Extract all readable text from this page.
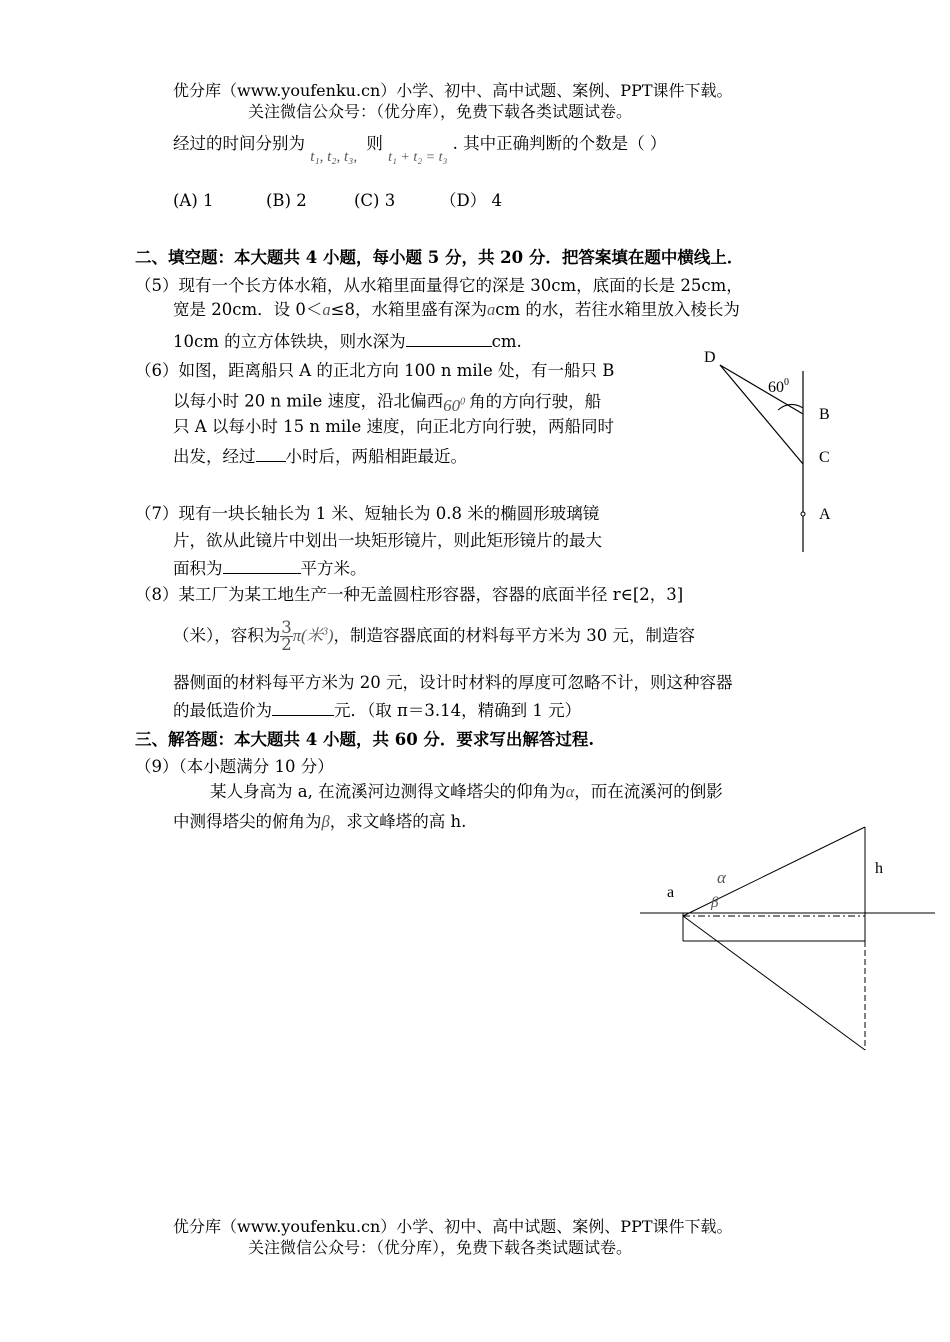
优分库（www.youfenku.cn）小学、初中、高中试题、案例、PPT课件下载。
关注微信公众号：（优分库），免费下载各类试题试卷。
经过的时间分别为 t₁, t₂, t₃, 则 $_{t_1 + t_2 = t_3}$ . 其中正确判断的个数是（ ）
(A) 1	(B) 2	(C) 3	（D） 4
二、填空题：本大题共 4 小题，每小题 5 分，共 20 分．把答案填在题中横线上．
（5）现有一个长方体水箱，从水箱里面量得它的深是 30cm，底面的长是 25cm，
宽是 20cm．设 0＜a≤8，水箱里盛有深为acm 的水，若往水箱里放入棱长为
10cm 的立方体铁块，则水深为	cm.
（6）如图，距离船只 A 的正北方向 100 n mile 处，有一船只 B
以每小时 20 n mile 速度，沿北偏西$60^0$ 角的方向行驶，船
只 A 以每小时 15 n mile 速度，向正北方向行驶，两船同时
出发，经过 小时后，两船相距最近。
D
$60^0$
B
C
A
（7）现有一块长轴长为 1 米、短轴长为 0.8 米的椭圆形玻璃镜
片，欲从此镜片中划出一块矩形镜片，则此矩形镜片的最大
面积为	平方米。
（8）某工厂为某工地生产一种无盖圆柱形容器，容器的底面半径 r∈[2，3]
（米），容积为 $\frac{3}{2} \pi$(米$^3$)，制造容器底面的材料每平方米为 30 元，制造容
器侧面的材料每平方米为 20 元，设计时材料的厚度可忽略不计，则这种容器
的最低造价为	元．（取 π＝3.14，精确到 1 元）
三、解答题：本大题共 4 小题，共 60 分．要求写出解答过程.
（9）（本小题满分 10 分）
某人身高为 a, 在流溪河边测得文峰塔尖的仰角为α，而在流溪河的倒影
中测得塔尖的俯角为β，求文峰塔的高 h.
a
α
β
h
优分库（www.youfenku.cn）小学、初中、高中试题、案例、PPT课件下载。
关注微信公众号：（优分库），免费下载各类试题试卷。
